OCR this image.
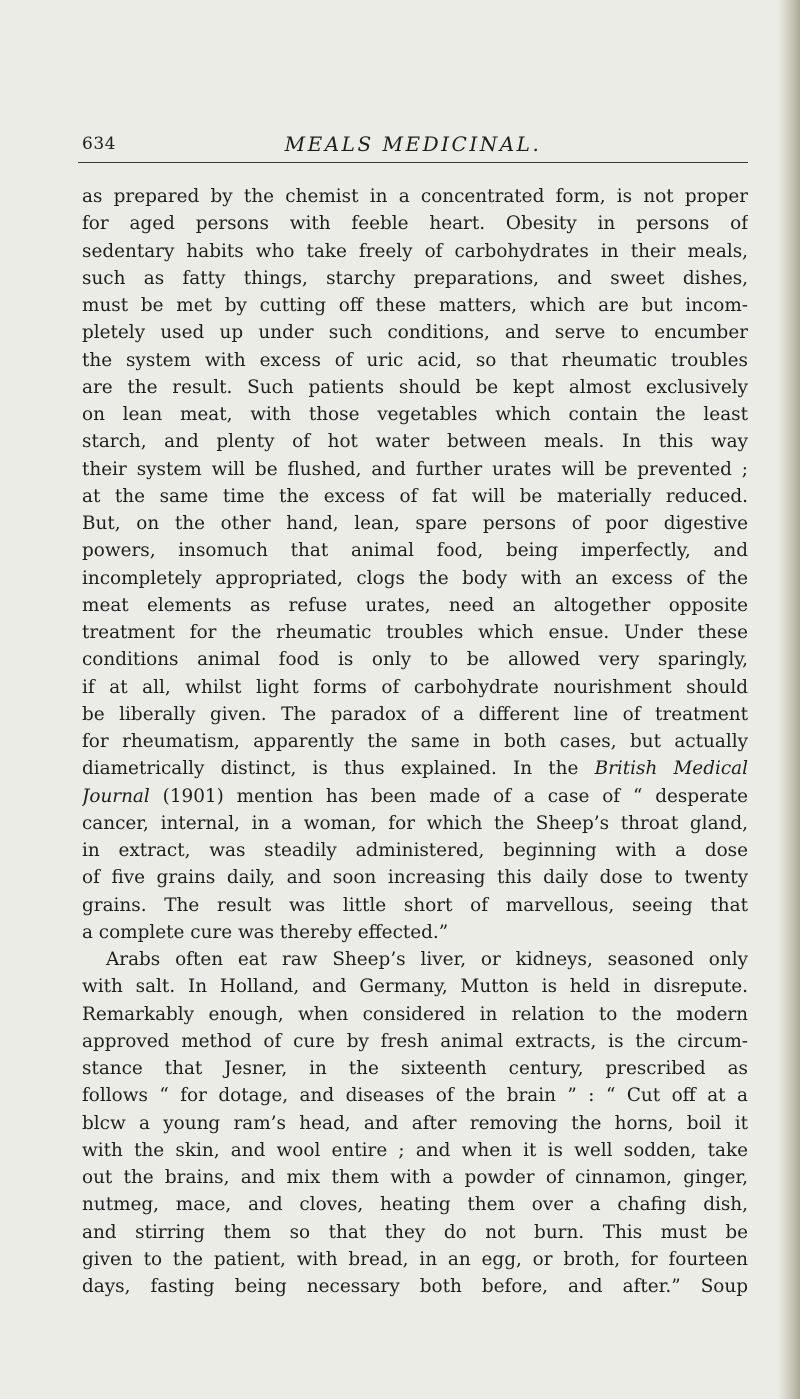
634	MEALS MEDICINAL.
as prepared by the chemist in a concentrated form, is not proper
for aged persons with feeble heart. Obesity in persons of
sedentary habits who take freely of carbohydrates in their meals,
such as fatty things, starchy preparations, and sweet dishes,
must be met by cutting off these matters, which are but incom-
pletely used up under such conditions, and serve to encumber
the system with excess of uric acid, so that rheumatic troubles
are the result. Such patients should be kept almost exclusively
on lean meat, with those vegetables which contain the least
starch, and plenty of hot water between meals. In this way
their system will be flushed, and further urates will be prevented ;
at the same time the excess of fat will be materially reduced.
But, on the other hand, lean, spare persons of poor digestive
powers, insomuch that animal food, being imperfectly, and
incompletely appropriated, clogs the body with an excess of the
meat elements as refuse urates, need an altogether opposite
treatment for the rheumatic troubles which ensue. Under these
conditions animal food is only to be allowed very sparingly,
if at all, whilst light forms of carbohydrate nourishment should
be liberally given. The paradox of a different line of treatment
for rheumatism, apparently the same in both cases, but actually
diametrically distinct, is thus explained. In the British Medical
Journal (1901) mention has been made of a case of “ desperate
cancer, internal, in a woman, for which the Sheep’s throat gland,
in extract, was steadily administered, beginning with a dose
of five grains daily, and soon increasing this daily dose to twenty
grains. The result was little short of marvellous, seeing that
a complete cure was thereby effected.”
Arabs often eat raw Sheep’s liver, or kidneys, seasoned only
with salt. In Holland, and Germany, Mutton is held in disrepute.
Remarkably enough, when considered in relation to the modern
approved method of cure by fresh animal extracts, is the circum-
stance that Jesner, in the sixteenth century, prescribed as
follows “ for dotage, and diseases of the brain ” : “ Cut off at a
blcw a young ram’s head, and after removing the horns, boil it
with the skin, and wool entire ; and when it is well sodden, take
out the brains, and mix them with a powder of cinnamon, ginger,
nutmeg, mace, and cloves, heating them over a chafing dish,
and stirring them so that they do not burn. This must be
given to the patient, with bread, in an egg, or broth, for fourteen
days, fasting being necessary both before, and after.” Soup
